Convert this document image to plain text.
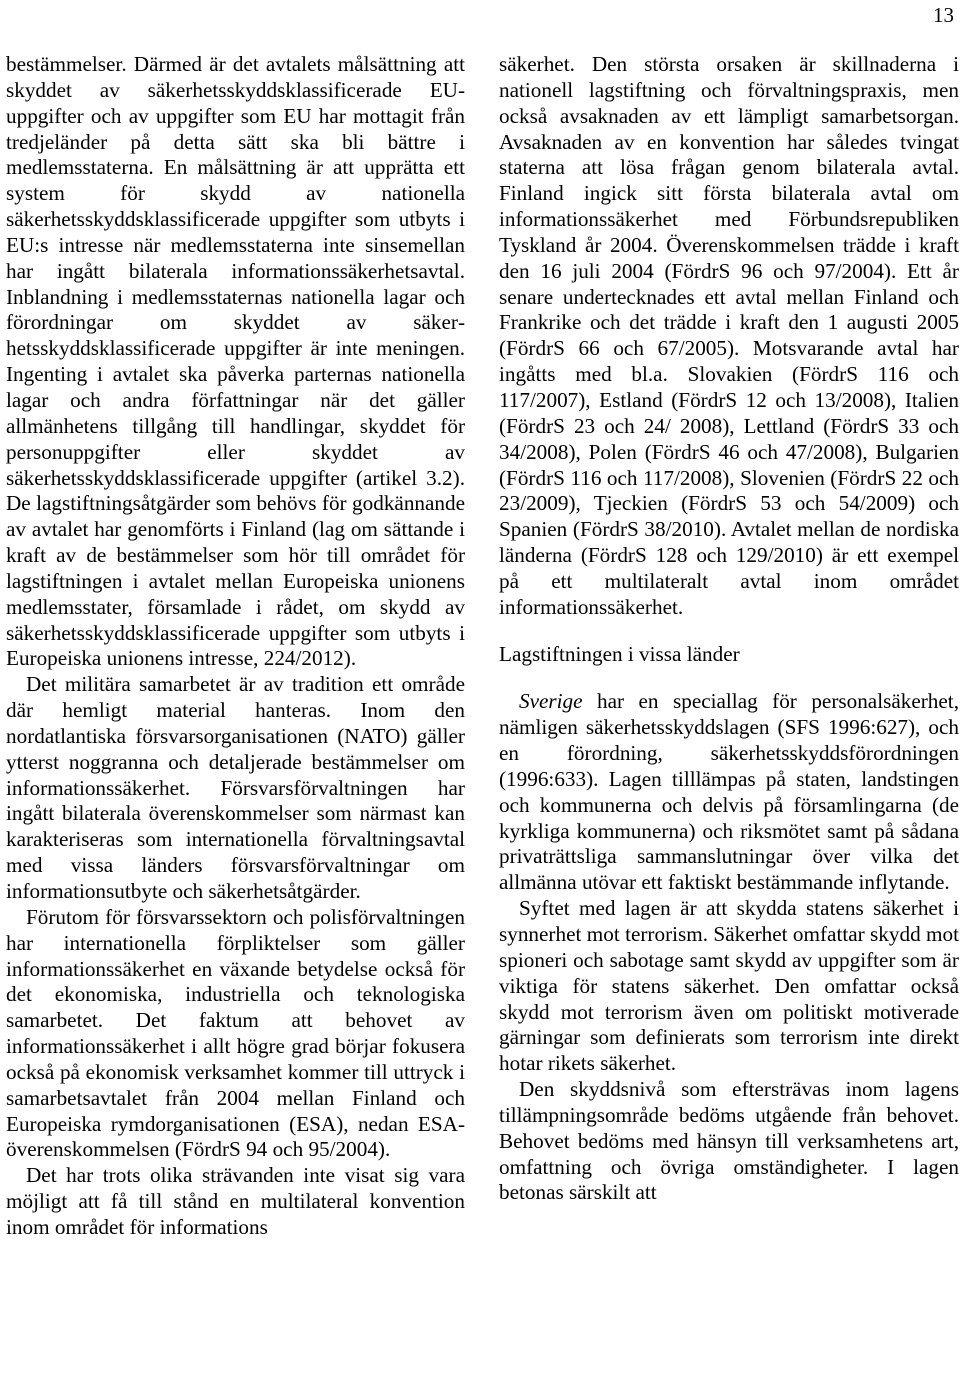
13

bestämmelser. Därmed är det avtalets målsättning att skyddet av säkerhetsskyddsklassificerade EU-uppgifter och av uppgifter som EU har mottagit från tredjeländer på detta sätt ska bli bättre i medlemsstaterna. En målsättning är att upprätta ett system för skydd av nationella säkerhetsskyddsklassificerade uppgifter som utbyts i EU:s intresse när medlemsstaterna inte sinsemellan har ingått bilaterala informationssäkerhetsavtal. Inblandning i medlemsstaternas nationella lagar och förordningar om skyddet av säkerhetsskyddsklassificerade uppgifter är inte meningen. Ingenting i avtalet ska påverka parternas nationella lagar och andra författningar när det gäller allmänhetens tillgång till handlingar, skyddet för personuppgifter eller skyddet av säkerhetsskyddsklassificerade uppgifter (artikel 3.2). De lagstiftningsåtgärder som behövs för godkännande av avtalet har genomförts i Finland (lag om sättande i kraft av de bestämmelser som hör till området för lagstiftningen i avtalet mellan Europeiska unionens medlemsstater, församlade i rådet, om skydd av säkerhetsskyddsklassificerade uppgifter som utbyts i Europeiska unionens intresse, 224/2012).

Det militära samarbetet är av tradition ett område där hemligt material hanteras. Inom den nordatlantiska försvarsorganisationen (NATO) gäller ytterst noggranna och detaljerade bestämmelser om informationssäkerhet. Försvarsförvaltningen har ingått bilaterala överenskommelser som närmast kan karakteriseras som internationella förvaltningsavtal med vissa länders försvarsförvaltningar om informationsutbyte och säkerhetsåtgärder.

Förutom för försvarssektorn och polisförvaltningen har internationella förpliktelser som gäller informationssäkerhet en växande betydelse också för det ekonomiska, industriella och teknologiska samarbetet. Det faktum att behovet av informationssäkerhet i allt högre grad börjar fokusera också på ekonomisk verksamhet kommer till uttryck i samarbetsavtalet från 2004 mellan Finland och Europeiska rymdorganisationen (ESA), nedan ESA-överenskommelsen (FördrS 94 och 95/2004).

Det har trots olika strävanden inte visat sig vara möjligt att få till stånd en multilateral konvention inom området för informations

säkerhet. Den största orsaken är skillnaderna i nationell lagstiftning och förvaltningspraxis, men också avsaknaden av ett lämpligt samarbetsorgan. Avsaknaden av en konvention har således tvingat staterna att lösa frågan genom bilaterala avtal. Finland ingick sitt första bilaterala avtal om informationssäkerhet med Förbundsrepubliken Tyskland år 2004. Överenskommelsen trädde i kraft den 16 juli 2004 (FördrS 96 och 97/2004). Ett år senare undertecknades ett avtal mellan Finland och Frankrike och det trädde i kraft den 1 augusti 2005 (FördrS 66 och 67/2005). Motsvarande avtal har ingåtts med bl.a. Slovakien (FördrS 116 och 117/2007), Estland (FördrS 12 och 13/2008), Italien (FördrS 23 och 24/ 2008), Lettland (FördrS 33 och 34/2008), Polen (FördrS 46 och 47/2008), Bulgarien (FördrS 116 och 117/2008), Slovenien (FördrS 22 och 23/2009), Tjeckien (FördrS 53 och 54/2009) och Spanien (FördrS 38/2010). Avtalet mellan de nordiska länderna (FördrS 128 och 129/2010) är ett exempel på ett multilateralt avtal inom området informationssäkerhet.

Lagstiftningen i vissa länder

Sverige har en speciallag för personalsäkerhet, nämligen säkerhetsskyddslagen (SFS 1996:627), och en förordning, säkerhetsskyddsförordningen (1996:633). Lagen tilllämpas på staten, landstingen och kommunerna och delvis på församlingarna (de kyrkliga kommunerna) och riksmötet samt på sådana privaträttsliga sammanslutningar över vilka det allmänna utövar ett faktiskt bestämmande inflytande.

Syftet med lagen är att skydda statens säkerhet i synnerhet mot terrorism. Säkerhet omfattar skydd mot spioneri och sabotage samt skydd av uppgifter som är viktiga för statens säkerhet. Den omfattar också skydd mot terrorism även om politiskt motiverade gärningar som definierats som terrorism inte direkt hotar rikets säkerhet.

Den skyddsnivå som eftersträvas inom lagens tillämpningsområde bedöms utgående från behovet. Behovet bedöms med hänsyn till verksamhetens art, omfattning och övriga omständigheter. I lagen betonas särskilt att
